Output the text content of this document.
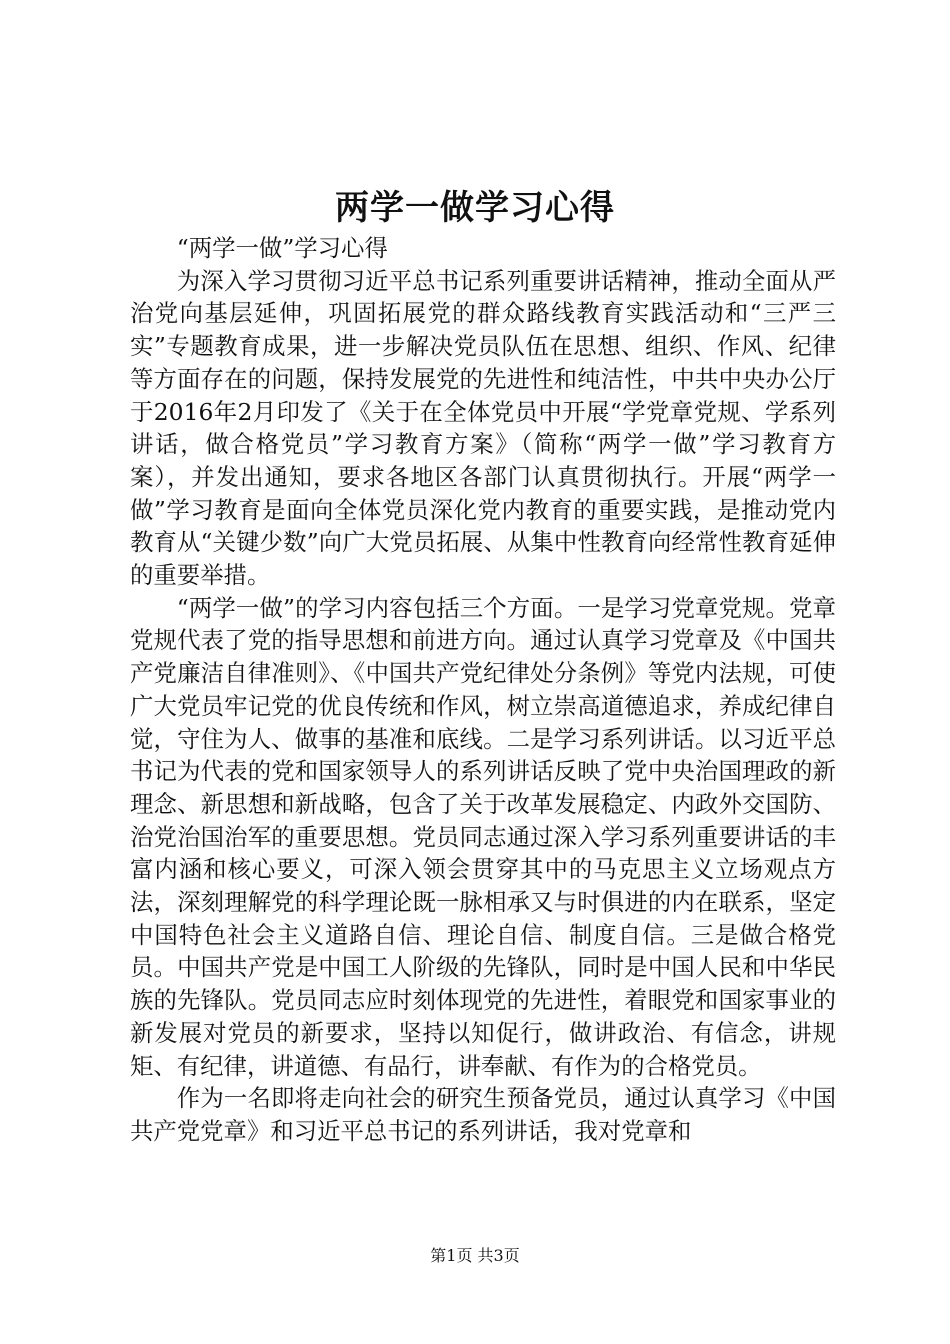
两学一做学习心得

“两学一做”学习心得

为深入学习贯彻习近平总书记系列重要讲话精神，推动全面从严治党向基层延伸，巩固拓展党的群众路线教育实践活动和“三严三实”专题教育成果，进一步解决党员队伍在思想、组织、作风、纪律等方面存在的问题，保持发展党的先进性和纯洁性，中共中央办公厅于2016年2月印发了《关于在全体党员中开展“学党章党规、学系列讲话，做合格党员”学习教育方案》（简称“两学一做”学习教育方案），并发出通知，要求各地区各部门认真贯彻执行。开展“两学一做”学习教育是面向全体党员深化党内教育的重要实践，是推动党内教育从“关键少数”向广大党员拓展、从集中性教育向经常性教育延伸的重要举措。

“两学一做”的学习内容包括三个方面。一是学习党章党规。党章党规代表了党的指导思想和前进方向。通过认真学习党章及《中国共产党廉洁自律准则》、《中国共产党纪律处分条例》等党内法规，可使广大党员牢记党的优良传统和作风，树立崇高道德追求，养成纪律自觉，守住为人、做事的基准和底线。二是学习系列讲话。以习近平总书记为代表的党和国家领导人的系列讲话反映了党中央治国理政的新理念、新思想和新战略，包含了关于改革发展稳定、内政外交国防、治党治国治军的重要思想。党员同志通过深入学习系列重要讲话的丰富内涵和核心要义，可深入领会贯穿其中的马克思主义立场观点方法，深刻理解党的科学理论既一脉相承又与时俱进的内在联系，坚定中国特色社会主义道路自信、理论自信、制度自信。三是做合格党员。中国共产党是中国工人阶级的先锋队，同时是中国人民和中华民族的先锋队。党员同志应时刻体现党的先进性，着眼党和国家事业的新发展对党员的新要求，坚持以知促行，做讲政治、有信念，讲规矩、有纪律，讲道德、有品行，讲奉献、有作为的合格党员。

作为一名即将走向社会的研究生预备党员，通过认真学习《中国共产党党章》和习近平总书记的系列讲话，我对党章和

第1页 共3页
